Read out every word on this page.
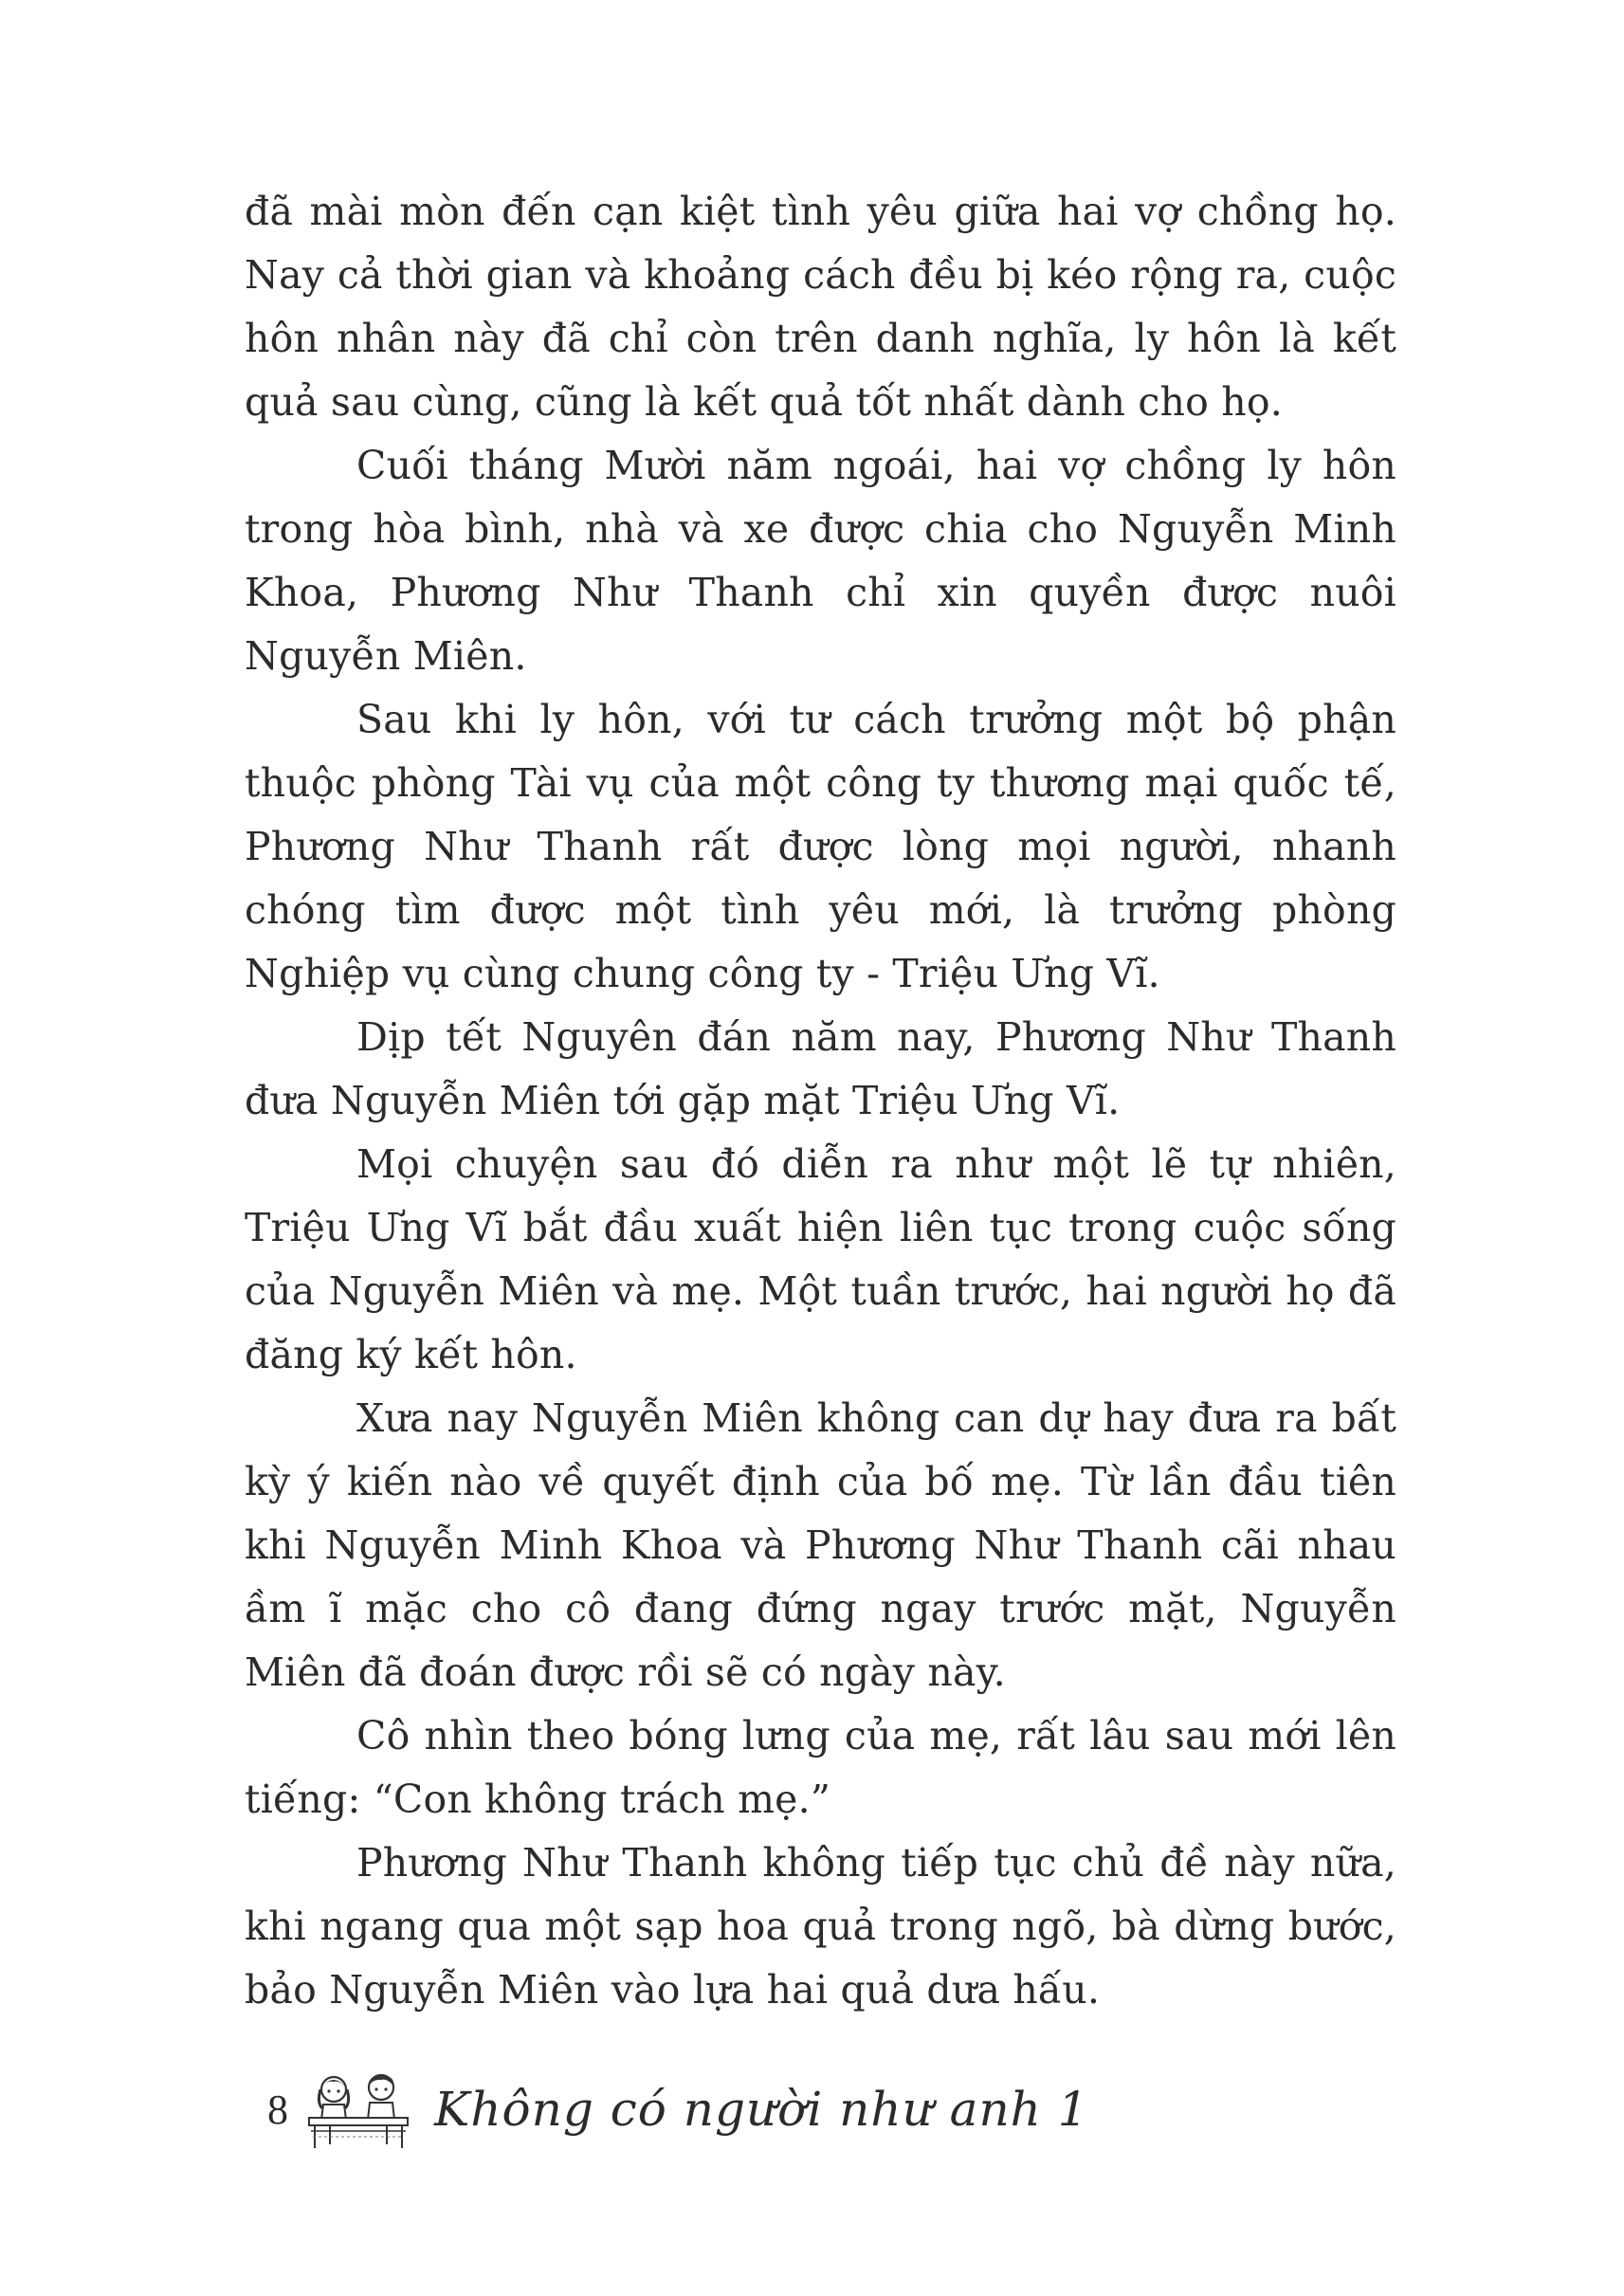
đã mài mòn đến cạn kiệt tình yêu giữa hai vợ chồng họ. Nay cả thời gian và khoảng cách đều bị kéo rộng ra, cuộc hôn nhân này đã chỉ còn trên danh nghĩa, ly hôn là kết quả sau cùng, cũng là kết quả tốt nhất dành cho họ.

Cuối tháng Mười năm ngoái, hai vợ chồng ly hôn trong hòa bình, nhà và xe được chia cho Nguyễn Minh Khoa, Phương Như Thanh chỉ xin quyền được nuôi Nguyễn Miên.

Sau khi ly hôn, với tư cách trưởng một bộ phận thuộc phòng Tài vụ của một công ty thương mại quốc tế, Phương Như Thanh rất được lòng mọi người, nhanh chóng tìm được một tình yêu mới, là trưởng phòng Nghiệp vụ cùng chung công ty - Triệu Ưng Vĩ.

Dịp tết Nguyên đán năm nay, Phương Như Thanh đưa Nguyễn Miên tới gặp mặt Triệu Ưng Vĩ.

Mọi chuyện sau đó diễn ra như một lẽ tự nhiên, Triệu Ưng Vĩ bắt đầu xuất hiện liên tục trong cuộc sống của Nguyễn Miên và mẹ. Một tuần trước, hai người họ đã đăng ký kết hôn.

Xưa nay Nguyễn Miên không can dự hay đưa ra bất kỳ ý kiến nào về quyết định của bố mẹ. Từ lần đầu tiên khi Nguyễn Minh Khoa và Phương Như Thanh cãi nhau ầm ĩ mặc cho cô đang đứng ngay trước mặt, Nguyễn Miên đã đoán được rồi sẽ có ngày này.

Cô nhìn theo bóng lưng của mẹ, rất lâu sau mới lên tiếng: “Con không trách mẹ.”

Phương Như Thanh không tiếp tục chủ đề này nữa, khi ngang qua một sạp hoa quả trong ngõ, bà dừng bước, bảo Nguyễn Miên vào lựa hai quả dưa hấu.

8	Không có người như anh 1
